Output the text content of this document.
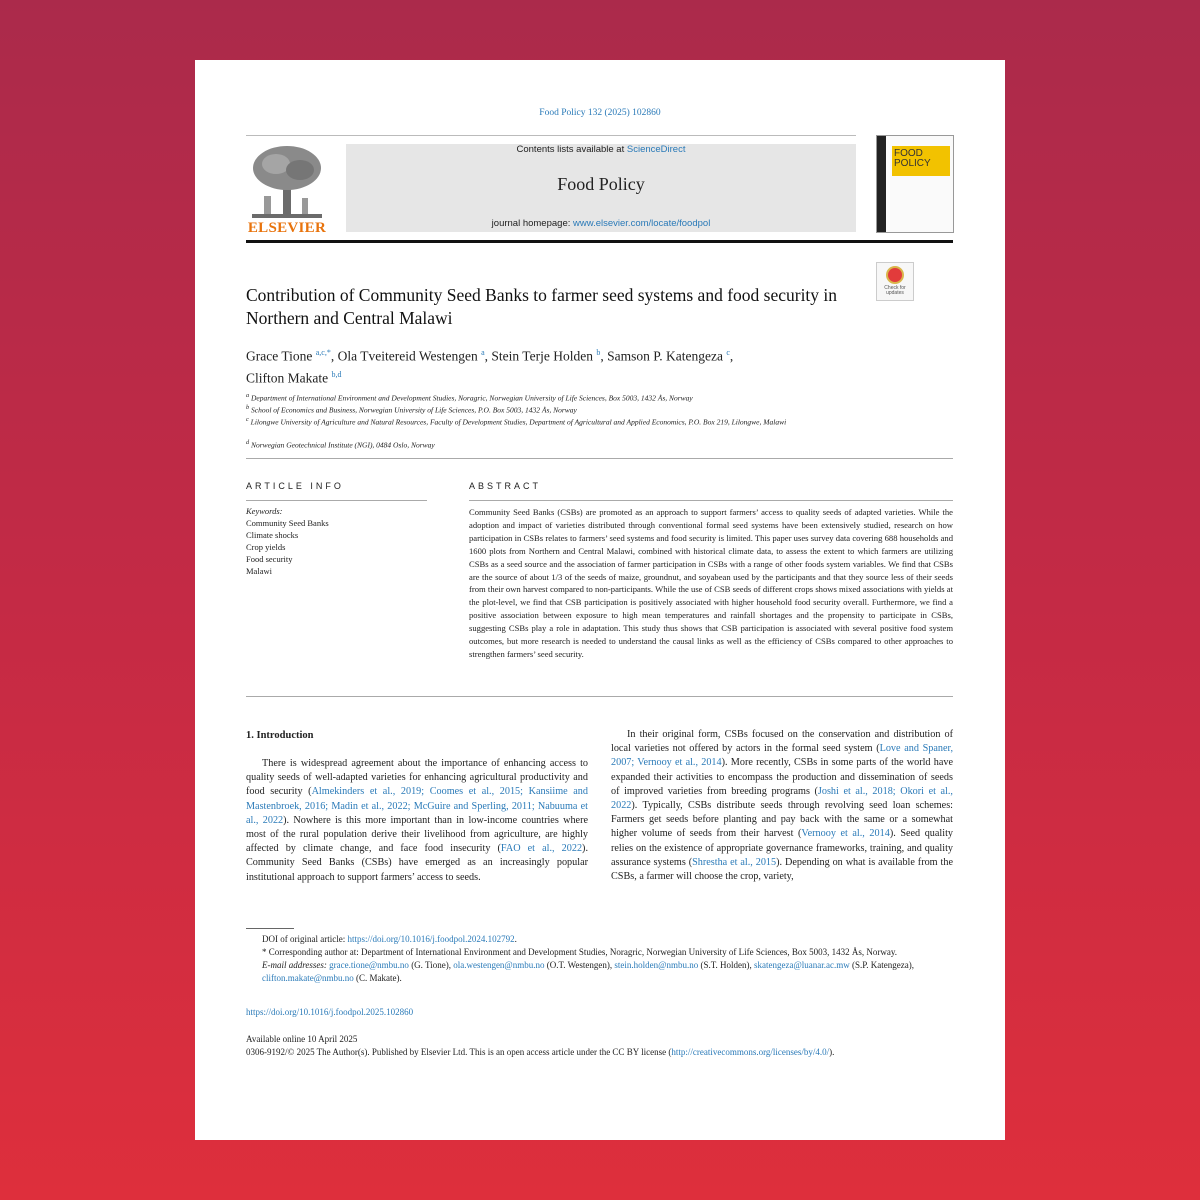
Food Policy 132 (2025) 102860
ELSEVIER
Contents lists available at ScienceDirect
Food Policy
journal homepage: www.elsevier.com/locate/foodpol
FOOD POLICY
Check for updates
Contribution of Community Seed Banks to farmer seed systems and food security in Northern and Central Malawi
Grace Tione $^{a,c,*}$, Ola Tveitereid Westengen $^a$, Stein Terje Holden $^b$, Samson P. Katengeza $^c$,
Clifton Makate $^{b,d}$
$^a$ Department of International Environment and Development Studies, Noragric, Norwegian University of Life Sciences, Box 5003, 1432 Ås, Norway
$^b$ School of Economics and Business, Norwegian University of Life Sciences, P.O. Box 5003, 1432 Ås, Norway
$^c$ Lilongwe University of Agriculture and Natural Resources, Faculty of Development Studies, Department of Agricultural and Applied Economics, P.O. Box 219, Lilongwe, Malawi
$^d$ Norwegian Geotechnical Institute (NGI), 0484 Oslo, Norway
ARTICLE INFO	ABSTRACT
Keywords:
Community Seed Banks
Climate shocks
Crop yields
Food security
Malawi
Community Seed Banks (CSBs) are promoted as an approach to support farmers’ access to quality seeds of adapted varieties. While the adoption and impact of varieties distributed through conventional formal seed systems have been extensively studied, research on how participation in CSBs relates to farmers’ seed systems and food security is limited. This paper uses survey data covering 688 households and 1600 plots from Northern and Central Malawi, combined with historical climate data, to assess the extent to which farmers are utilizing CSBs as a seed source and the association of farmer participation in CSBs with a range of other foods system variables. We find that CSBs are the source of about 1/3 of the seeds of maize, groundnut, and soyabean used by the participants and that they source less of their seeds from their own harvest compared to non-participants. While the use of CSB seeds of different crops shows mixed associations with yields at the plot-level, we find that CSB participation is positively associated with higher household food security overall. Furthermore, we find a positive association between exposure to high mean temperatures and rainfall shortages and the propensity to participate in CSBs, suggesting CSBs play a role in adaptation. This study thus shows that CSB participation is associated with several positive food system outcomes, but more research is needed to understand the causal links as well as the efficiency of CSBs compared to other approaches to strengthen farmers’ seed security.
1. Introduction
There is widespread agreement about the importance of enhancing access to quality seeds of well-adapted varieties for enhancing agricultural productivity and food security (Almekinders et al., 2019; Coomes et al., 2015; Kansiime and Mastenbroek, 2016; Madin et al., 2022; McGuire and Sperling, 2011; Nabuuma et al., 2022). Nowhere is this more important than in low-income countries where most of the rural population derive their livelihood from agriculture, are highly affected by climate change, and face food insecurity (FAO et al., 2022). Community Seed Banks (CSBs) have emerged as an increasingly popular institutional approach to support farmers’ access to seeds.
In their original form, CSBs focused on the conservation and distribution of local varieties not offered by actors in the formal seed system (Love and Spaner, 2007; Vernooy et al., 2014). More recently, CSBs in some parts of the world have expanded their activities to encompass the production and dissemination of seeds of improved varieties from breeding programs (Joshi et al., 2018; Okori et al., 2022). Typically, CSBs distribute seeds through revolving seed loan schemes: Farmers get seeds before planting and pay back with the same or a somewhat higher volume of seeds from their harvest (Vernooy et al., 2014). Seed quality relies on the existence of appropriate governance frameworks, training, and quality assurance systems (Shrestha et al., 2015). Depending on what is available from the CSBs, a farmer will choose the crop, variety,
DOI of original article: https://doi.org/10.1016/j.foodpol.2024.102792.
* Corresponding author at: Department of International Environment and Development Studies, Noragric, Norwegian University of Life Sciences, Box 5003, 1432 Ås, Norway.
E-mail addresses: grace.tione@nmbu.no (G. Tione), ola.westengen@nmbu.no (O.T. Westengen), stein.holden@nmbu.no (S.T. Holden), skatengeza@luanar.ac.mw (S.P. Katengeza), clifton.makate@nmbu.no (C. Makate).
https://doi.org/10.1016/j.foodpol.2025.102860
Available online 10 April 2025
0306-9192/© 2025 The Author(s). Published by Elsevier Ltd. This is an open access article under the CC BY license (http://creativecommons.org/licenses/by/4.0/).
